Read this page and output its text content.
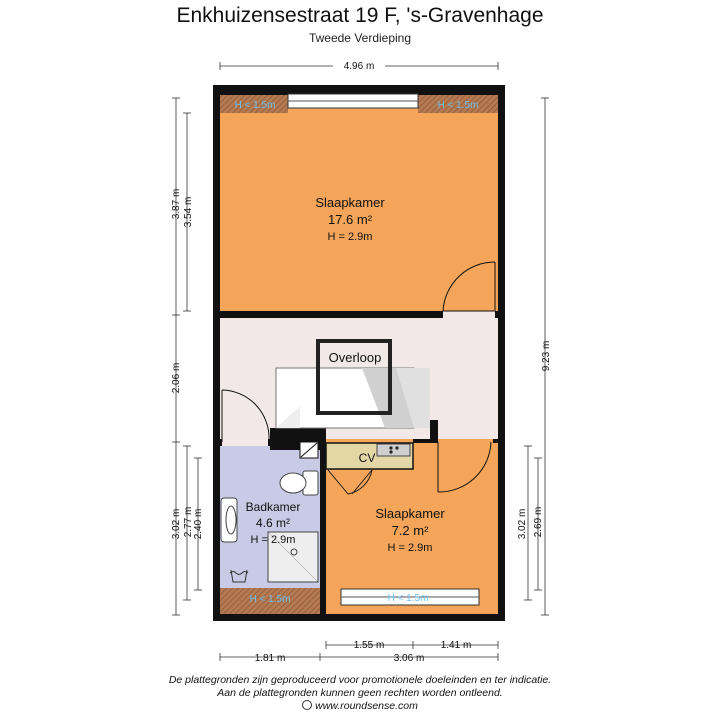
Enkhuizensestraat 19 F, 's-Gravenhage
Tweede Verdieping
Slaapkamer
17.6 m²
H = 2.9m
Overloop
CV
Badkamer
4.6 m²
H = 2.9m
Slaapkamer
7.2 m²
H = 2.9m
H < 1.5m	H < 1.5m
H < 1.5m	H < 1.5m
4.96 m
3.87 m 3.54 m
2.06 m
3.02 m 2.77 m 2.40 m
9.23 m
3.02 m 2.69 m
1.55 m	1.41 m
1.81 m	3.06 m
De plattegronden zijn geproduceerd voor promotionele doeleinden en ter indicatie.
Aan de plattegronden kunnen geen rechten worden ontleend.
www.roundsense.com
